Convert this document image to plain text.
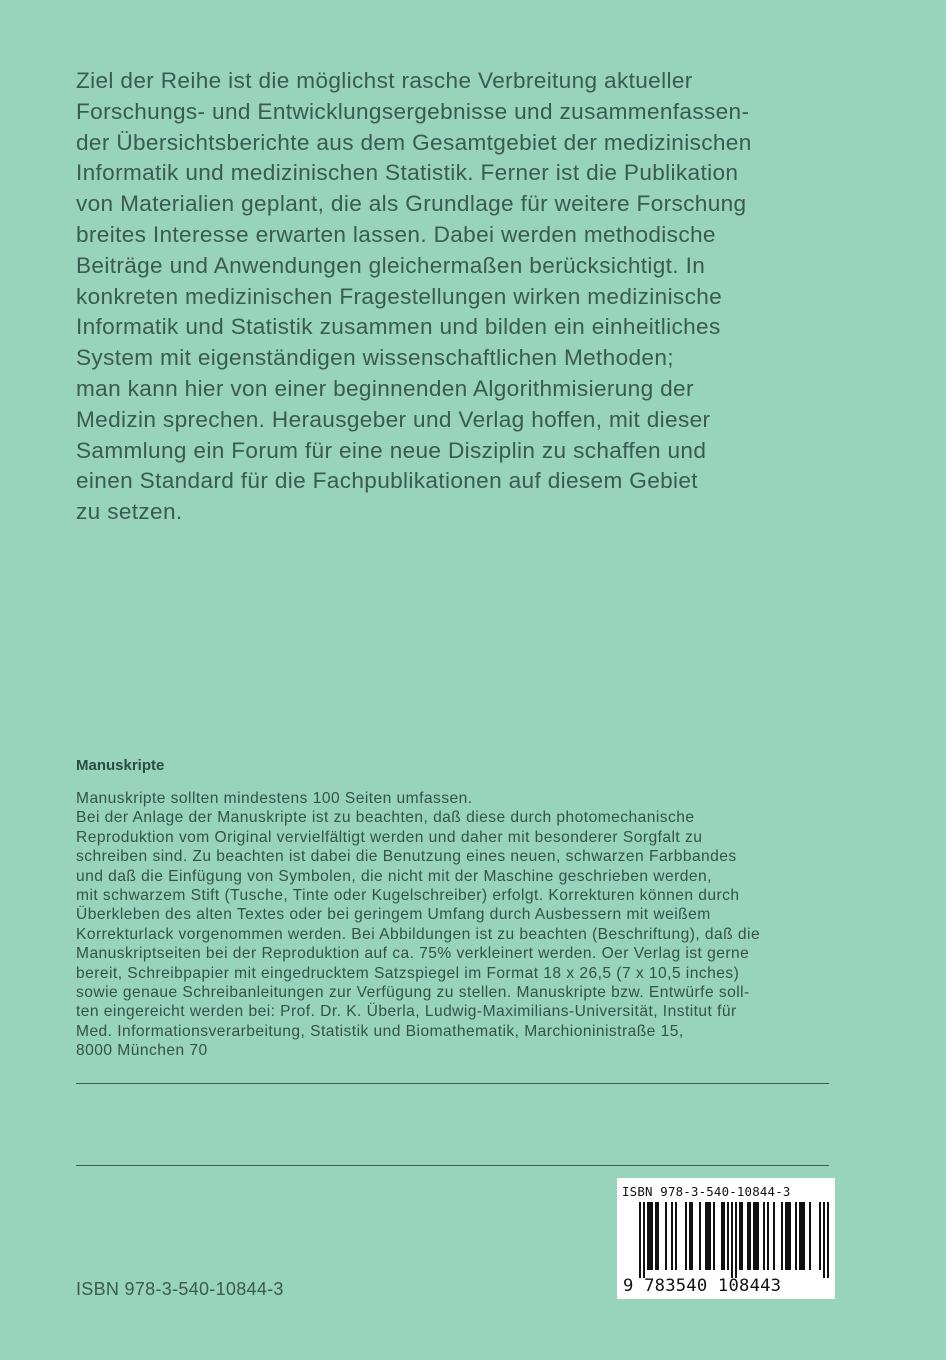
Ziel der Reihe ist die möglichst rasche Verbreitung aktueller
Forschungs- und Entwicklungsergebnisse und zusammenfassen-
der Übersichtsberichte aus dem Gesamtgebiet der medizinischen
Informatik und medizinischen Statistik. Ferner ist die Publikation
von Materialien geplant, die als Grundlage für weitere Forschung
breites Interesse erwarten lassen. Dabei werden methodische
Beiträge und Anwendungen gleichermaßen berücksichtigt. In
konkreten medizinischen Fragestellungen wirken medizinische
Informatik und Statistik zusammen und bilden ein einheitliches
System mit eigenständigen wissenschaftlichen Methoden;
man kann hier von einer beginnenden Algorithmisierung der
Medizin sprechen. Herausgeber und Verlag hoffen, mit dieser
Sammlung ein Forum für eine neue Disziplin zu schaffen und
einen Standard für die Fachpublikationen auf diesem Gebiet
zu setzen.
Manuskripte
Manuskripte sollten mindestens 100 Seiten umfassen.
Bei der Anlage der Manuskripte ist zu beachten, daß diese durch photomechanische
Reproduktion vom Original vervielfältigt werden und daher mit besonderer Sorgfalt zu
schreiben sind. Zu beachten ist dabei die Benutzung eines neuen, schwarzen Farbbandes
und daß die Einfügung von Symbolen, die nicht mit der Maschine geschrieben werden,
mit schwarzem Stift (Tusche, Tinte oder Kugelschreiber) erfolgt. Korrekturen können durch
Überkleben des alten Textes oder bei geringem Umfang durch Ausbessern mit weißem
Korrekturlack vorgenommen werden. Bei Abbildungen ist zu beachten (Beschriftung), daß die
Manuskriptseiten bei der Reproduktion auf ca. 75% verkleinert werden. Oer Verlag ist gerne
bereit, Schreibpapier mit eingedrucktem Satzspiegel im Format 18 x 26,5 (7 x 10,5 inches)
sowie genaue Schreibanleitungen zur Verfügung zu stellen. Manuskripte bzw. Entwürfe soll-
ten eingereicht werden bei: Prof. Dr. K. Überla, Ludwig-Maximilians-Universität, Institut für
Med. Informationsverarbeitung, Statistik und Biomathematik, Marchioninistraße 15,
8000 München 70
ISBN 978-3-540-10844-3
ISBN 978-3-540-10844-3
9 783540 108443
